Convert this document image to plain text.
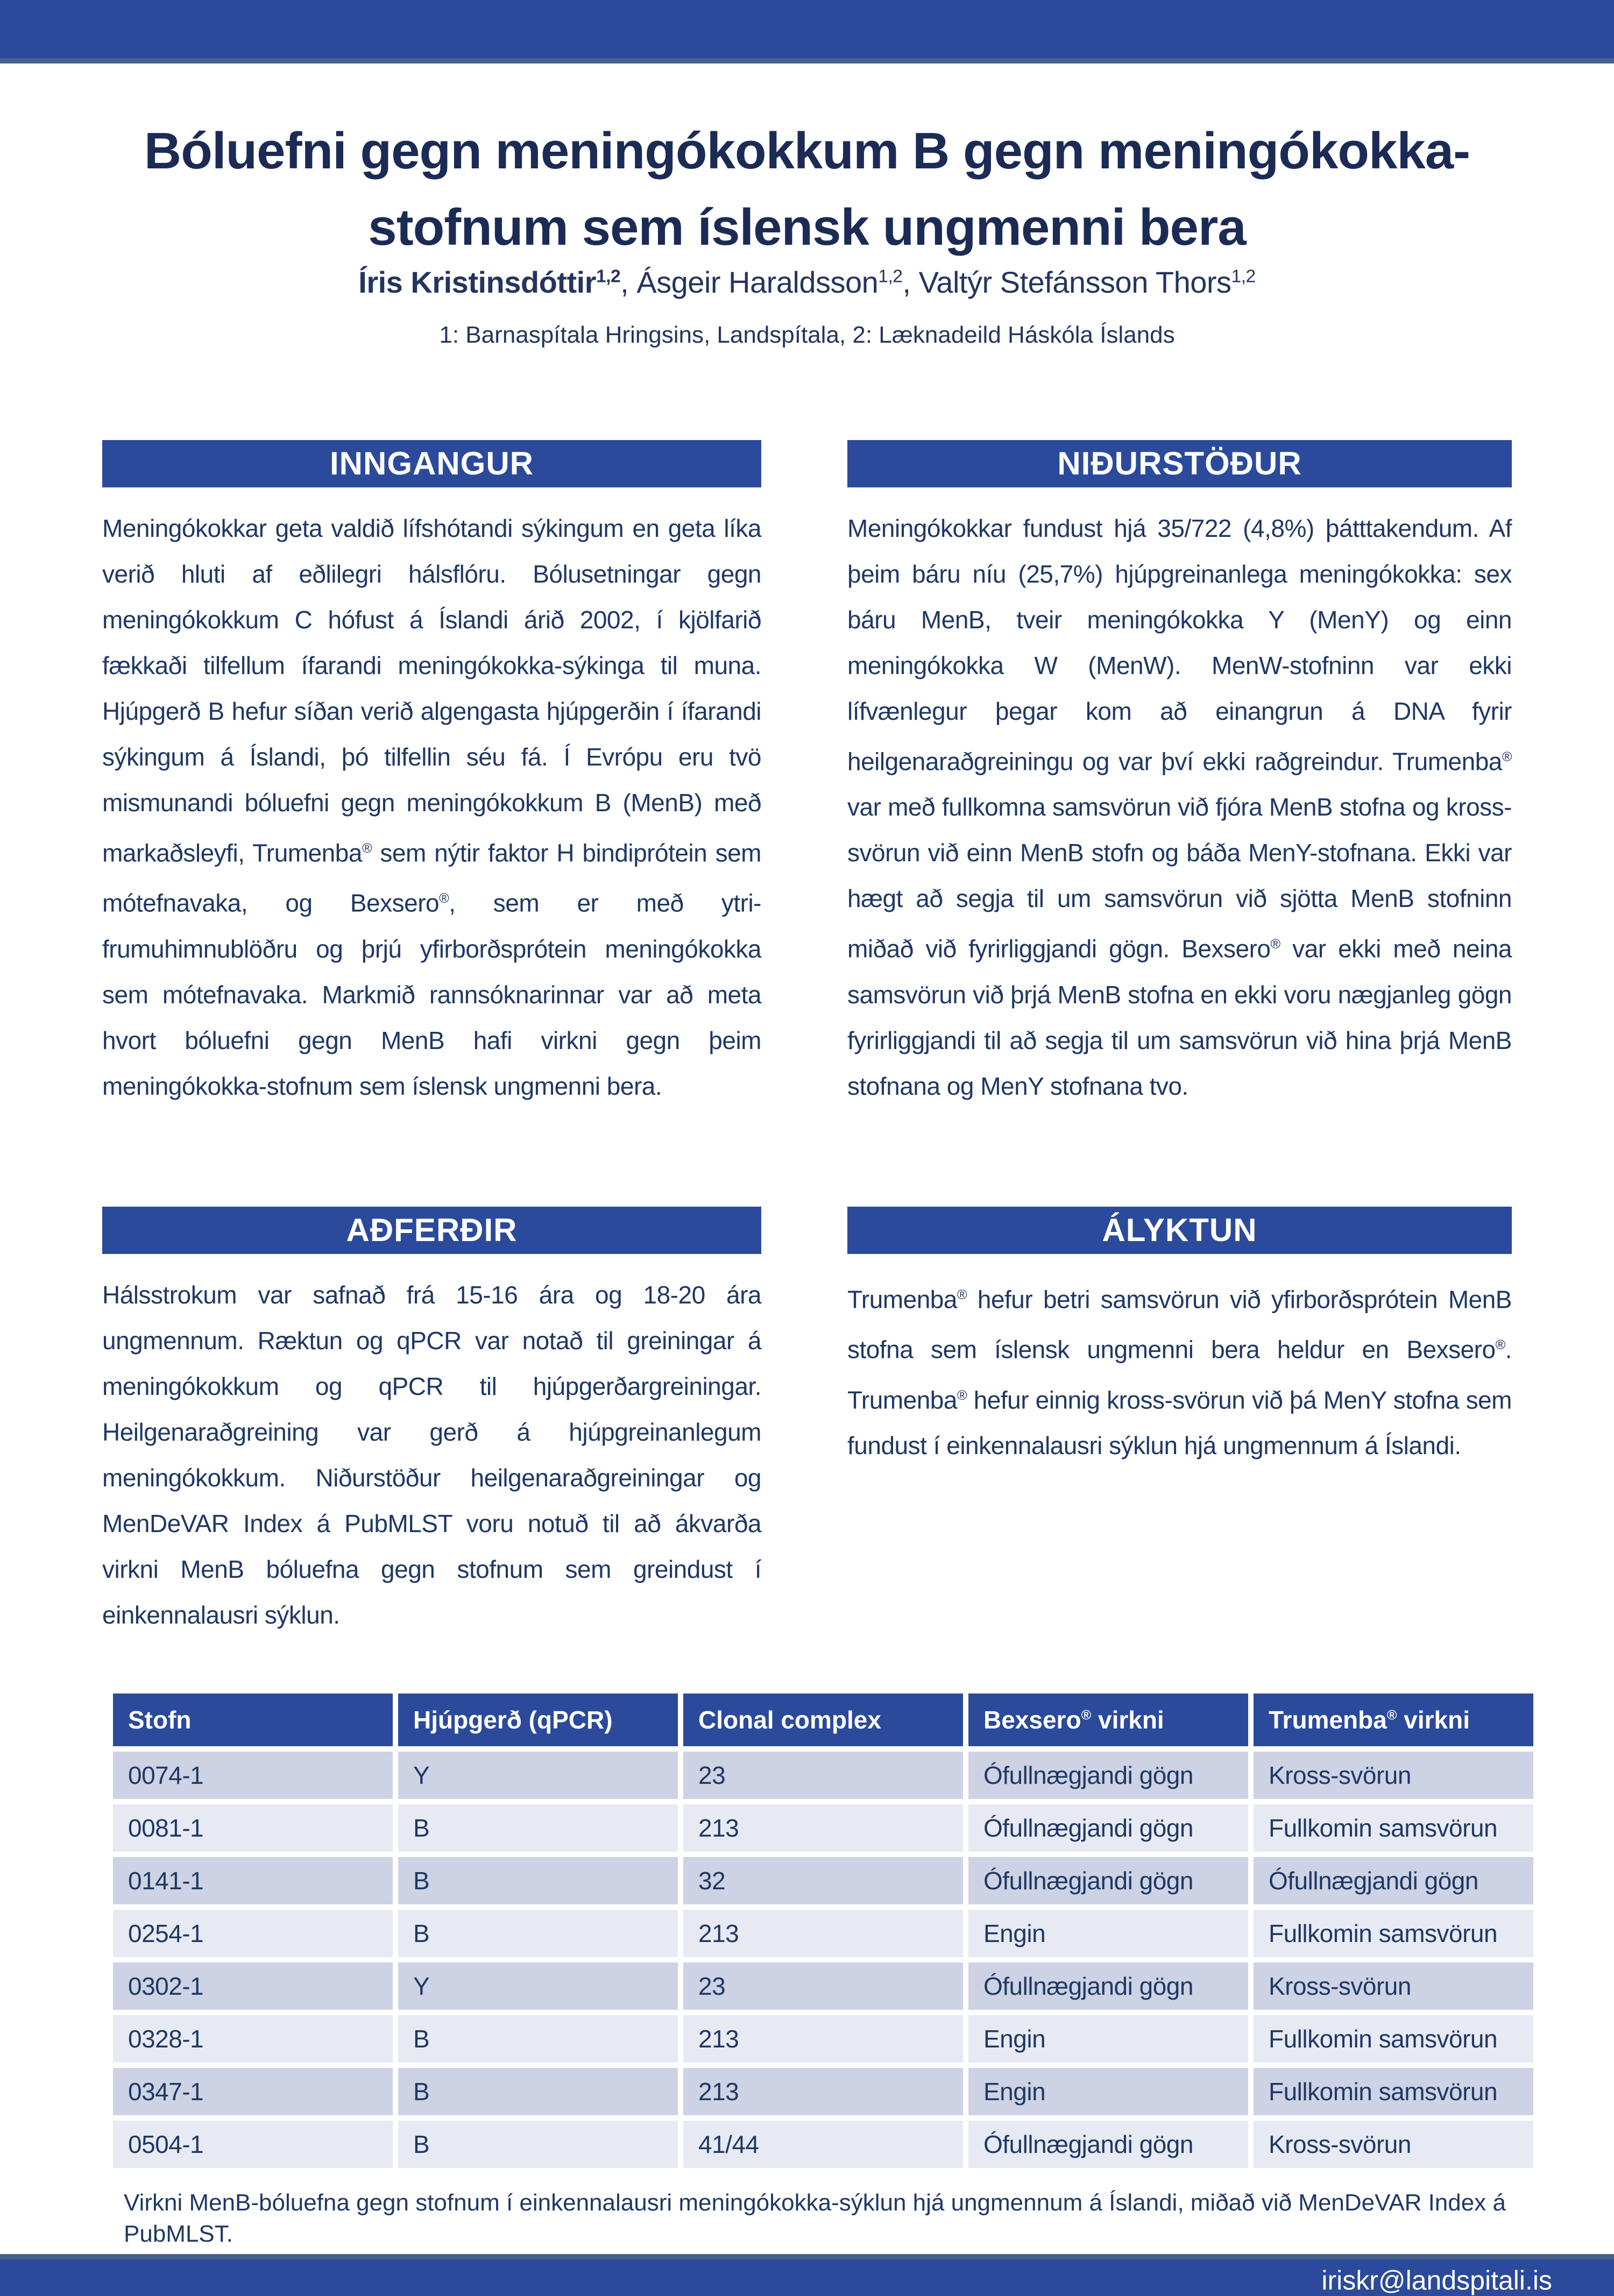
Bóluefni gegn meningókokkum B gegn meningókokka-
stofnum sem íslensk ungmenni bera
Íris Kristinsdóttir$^{1,2}$, Ásgeir Haraldsson$^{1,2}$, Valtýr Stefánsson Thors$^{1,2}$
1: Barnaspítala Hringsins, Landspítala, 2: Læknadeild Háskóla Íslands
INNGANGUR
Meningókokkar geta valdið lífshótandi sýkingum en geta líka verið hluti af eðlilegri hálsflóru. Bólusetningar gegn meningókokkum C hófust á Íslandi árið 2002, í kjölfarið fækkaði tilfellum ífarandi meningókokka-sýkinga til muna. Hjúpgerð B hefur síðan verið algengasta hjúpgerðin í ífarandi sýkingum á Íslandi, þó tilfellin séu fá. Í Evrópu eru tvö mismunandi bóluefni gegn meningókokkum B (MenB) með markaðsleyfi, Trumenba® sem nýtir faktor H bindiprótein sem mótefnavaka, og Bexsero®, sem er með ytri-frumuhimnublöðru og þrjú yfirborðsprótein meningókokka sem mótefnavaka. Markmið rannsóknarinnar var að meta hvort bóluefni gegn MenB hafi virkni gegn þeim meningókokka-stofnum sem íslensk ungmenni bera.
NIÐURSTÖÐUR
Meningókokkar fundust hjá 35/722 (4,8%) þátttakendum. Af þeim báru níu (25,7%) hjúpgreinanlega meningókokka: sex báru MenB, tveir meningókokka Y (MenY) og einn meningókokka W (MenW). MenW-stofninn var ekki lífvænlegur þegar kom að einangrun á DNA fyrir heilgenaraðgreiningu og var því ekki raðgreindur. Trumenba® var með fullkomna samsvörun við fjóra MenB stofna og kross-svörun við einn MenB stofn og báða MenY-stofnana. Ekki var hægt að segja til um samsvörun við sjötta MenB stofninn miðað við fyrirliggjandi gögn. Bexsero® var ekki með neina samsvörun við þrjá MenB stofna en ekki voru nægjanleg gögn fyrirliggjandi til að segja til um samsvörun við hina þrjá MenB stofnana og MenY stofnana tvo.
AÐFERÐIR
Hálsstrokum var safnað frá 15-16 ára og 18-20 ára ungmennum. Ræktun og qPCR var notað til greiningar á meningókokkum og qPCR til hjúpgerðargreiningar. Heilgenaraðgreining var gerð á hjúpgreinanlegum meningókokkum. Niðurstöður heilgenaraðgreiningar og MenDeVAR Index á PubMLST voru notuð til að ákvarða virkni MenB bóluefna gegn stofnum sem greindust í einkennalausri sýklun.
ÁLYKTUN
Trumenba® hefur betri samsvörun við yfirborðsprótein MenB stofna sem íslensk ungmenni bera heldur en Bexsero®. Trumenba® hefur einnig kross-svörun við þá MenY stofna sem fundust í einkennalausri sýklun hjá ungmennum á Íslandi.
Stofn	Hjúpgerð (qPCR)	Clonal complex	Bexsero® virkni	Trumenba® virkni
0074-1	Y	23	Ófullnægjandi gögn	Kross-svörun
0081-1	B	213	Ófullnægjandi gögn	Fullkomin samsvörun
0141-1	B	32	Ófullnægjandi gögn	Ófullnægjandi gögn
0254-1	B	213	Engin	Fullkomin samsvörun
0302-1	Y	23	Ófullnægjandi gögn	Kross-svörun
0328-1	B	213	Engin	Fullkomin samsvörun
0347-1	B	213	Engin	Fullkomin samsvörun
0504-1	B	41/44	Ófullnægjandi gögn	Kross-svörun
Virkni MenB-bóluefna gegn stofnum í einkennalausri meningókokka-sýklun hjá ungmennum á Íslandi, miðað við MenDeVAR Index á PubMLST.
iriskr@landspitali.is
